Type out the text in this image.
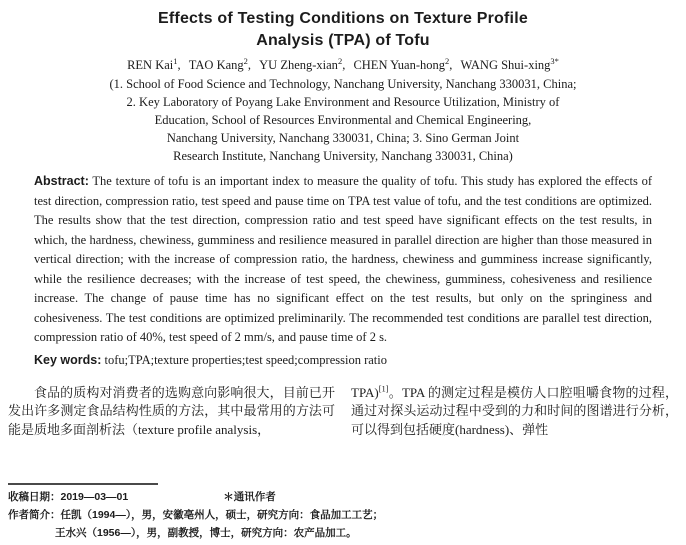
Effects of Testing Conditions on Texture Profile
Analysis (TPA) of Tofu

REN Kai$^1$, TAO Kang$^2$, YU Zheng-xian$^2$, CHEN Yuan-hong$^2$, WANG Shui-xing$^{3*}$

(1. School of Food Science and Technology, Nanchang University, Nanchang 330031, China;
2. Key Laboratory of Poyang Lake Environment and Resource Utilization, Ministry of
Education, School of Resources Environmental and Chemical Engineering,
Nanchang University, Nanchang 330031, China; 3. Sino German Joint
Research Institute, Nanchang University, Nanchang 330031, China)

Abstract: The texture of tofu is an important index to measure the quality of tofu. This study has explored the effects of test direction, compression ratio, test speed and pause time on TPA test value of tofu, and the test conditions are optimized. The results show that the test direction, compression ratio and test speed have significant effects on the test results, in which, the hardness, chewiness, gumminess and resilience measured in parallel direction are higher than those measured in vertical direction; with the increase of compression ratio, the hardness, chewiness and gumminess increase significantly, while the resilience decreases; with the increase of test speed, the chewiness, gumminess, cohesiveness and resilience increase. The change of pause time has no significant effect on the test results, but only on the springiness and cohesiveness. The test conditions are optimized preliminarily. The recommended test conditions are parallel test direction, compression ratio of 40%, test speed of 2 mm/s, and pause time of 2 s.

Key words: tofu;TPA;texture properties;test speed;compression ratio

食品的质构对消费者的选购意向影响很大，目前已开发出许多测定食品结构性质的方法，其中最常用的方法可能是质地多面剖析法（texture profile analysis，

TPA)[1]。TPA 的测定过程是模仿人口腔咀嚼食物的过程，通过对探头运动过程中受到的力和时间的图谱进行分析，可以得到包括硬度(hardness)、弹性

收稿日期：2019—03—01	＊通讯作者
作者简介：任凯（1994—），男，安徽亳州人，硕士，研究方向：食品加工工艺；
王水兴（1956—），男，副教授，博士，研究方向：农产品加工。
